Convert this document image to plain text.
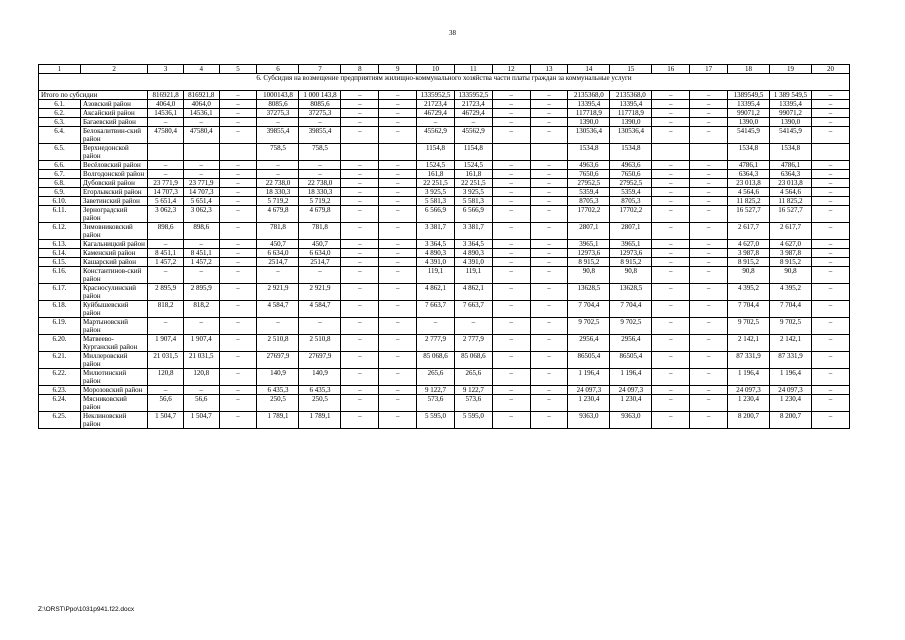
38
1	2	3	4	5	6	7	8	9	10	11	12	13	14	15	16	17	18	19	20
6. Субсидия на возмещение предприятиям жилищно-коммунального хозяйства части платы граждан за коммунальные услуги																			
Итого по субсидии		816921,8	816921,8	–	1000143,8	1 000 143,8	–	–	1335952,5	1335952,5	–	–	2135368,0	2135368,0	–	–	1389549,5	1 389 549,5	–
6.1.	Азовский район	4064,0	4064,0	–	8085,6	8085,6	–	–	21723,4	21723,4	–	–	13395,4	13395,4	–	–	13395,4	13395,4	–
6.2.	Аксайский район	14536,1	14536,1	–	37275,3	37275,3	–	–	46729,4	46729,4	–	–	117718,9	117718,9	–	–	99071,2	99071,2	–
6.3.	Багаевский район	–	–	–	–	–	–	–	–	–	–	–	1390,0	1390,0	–	–	1390,0	1390,0	–
6.4.	Белокалитвин-ский район	47580,4	47580,4	–	39855,4	39855,4	–	–	45562,9	45562,9	–	–	130536,4	130536,4	–	–	54145,9	54145,9	–
6.5.	Верхнедонской район				758,5	758,5			1154,8	1154,8			1534,8	1534,8			1534,8	1534,8	
6.6.	Весёловский район	–	–	–	–	–	–	–	1524,5	1524,5	–	–	4963,6	4963,6	–	–	4786,1	4786,1	–
6.7.	Волгодонской район	–	–	–	–	–	–	–	161,8	161,8	–	–	7650,6	7650,6	–	–	6364,3	6364,3	–
6.8.	Дубовский район	23 771,9	23 771,9	–	22 738,0	22 738,0	–	–	22 251,5	22 251,5	–	–	27952,5	27952,5	–	–	23 013,8	23 013,8	–
6.9.	Егорлыкский район	14 707,3	14 707,3	–	18 330,3	18 330,3	–	–	3 925,5	3 925,5	–	–	5359,4	5359,4	–	–	4 564,6	4 564,6	–
6.10.	Заветинский район	5 651,4	5 651,4	–	5 719,2	5 719,2	–	–	5 581,3	5 581,3	–	–	8705,3	8705,3	–	–	11 825,2	11 825,2	–
6.11.	Зерноградский район	3 062,3	3 062,3	–	4 679,8	4 679,8	–	–	6 566,9	6 566,9	–	–	17702,2	17702,2	–	–	16 527,7	16 527,7	–
6.12.	Зимовниковский район	898,6	898,6	–	781,8	781,8	–	–	3 381,7	3 381,7	–	–	2807,1	2807,1	–	–	2 617,7	2 617,7	–
6.13.	Кагальницкий район	–	–	–	450,7	450,7	–	–	3 364,5	3 364,5	–	–	3965,1	3965,1	–	–	4 627,0	4 627,0	–
6.14.	Каменский район	8 451,1	8 451,1	–	6 634,0	6 634,0	–	–	4 890,3	4 890,3	–	–	12973,6	12973,6	–	–	3 987,8	3 987,8	–
6.15.	Кашарский район	1 457,2	1 457,2	–	2514,7	2514,7	–	–	4 391,0	4 391,0	–	–	8 915,2	8 915,2	–	–	8 915,2	8 915,2	–
6.16.	Константинов-ский район	–	–	–	–	–	–	–	119,1	119,1	–	–	90,8	90,8	–	–	90,8	90,8	–
6.17.	Красносулинский район	2 895,9	2 895,9	–	2 921,9	2 921,9	–	–	4 862,1	4 862,1	–	–	13628,5	13628,5	–	–	4 395,2	4 395,2	–
6.18.	Куйбышевский район	818,2	818,2	–	4 584,7	4 584,7	–	–	7 663,7	7 663,7	–	–	7 704,4	7 704,4	–	–	7 704,4	7 704,4	–
6.19.	Мартыновский район	–	–	–	–	–	–	–	–	–	–	–	9 702,5	9 702,5	–	–	9 702,5	9 702,5	–
6.20.	Матвеево-Курганский район	1 907,4	1 907,4	–	2 510,8	2 510,8	–	–	2 777,9	2 777,9	–	–	2956,4	2956,4	–	–	2 142,1	2 142,1	–
6.21.	Миллеровский район	21 031,5	21 031,5	–	27697,9	27697,9	–	–	85 068,6	85 068,6	–	–	86505,4	86505,4	–	–	87 331,9	87 331,9	–
6.22.	Милютинский район	120,8	120,8	–	140,9	140,9	–	–	265,6	265,6	–	–	1 196,4	1 196,4	–	–	1 196,4	1 196,4	–
6.23.	Морозовский район	–	–	–	6 435,3	6 435,3	–	–	9 122,7	9 122,7	–	–	24 097,3	24 097,3	–	–	24 097,3	24 097,3	–
6.24.	Мясниковский район	56,6	56,6	–	250,5	250,5	–	–	573,6	573,6	–	–	1 230,4	1 230,4	–	–	1 230,4	1 230,4	–
6.25.	Неклиновский район	1 504,7	1 504,7	–	1 789,1	1 789,1	–	–	5 595,0	5 595,0	–	–	9363,0	9363,0	–	–	8 200,7	8 200,7	–
Z:\ORST\Ppo\1031p941.f22.docx
